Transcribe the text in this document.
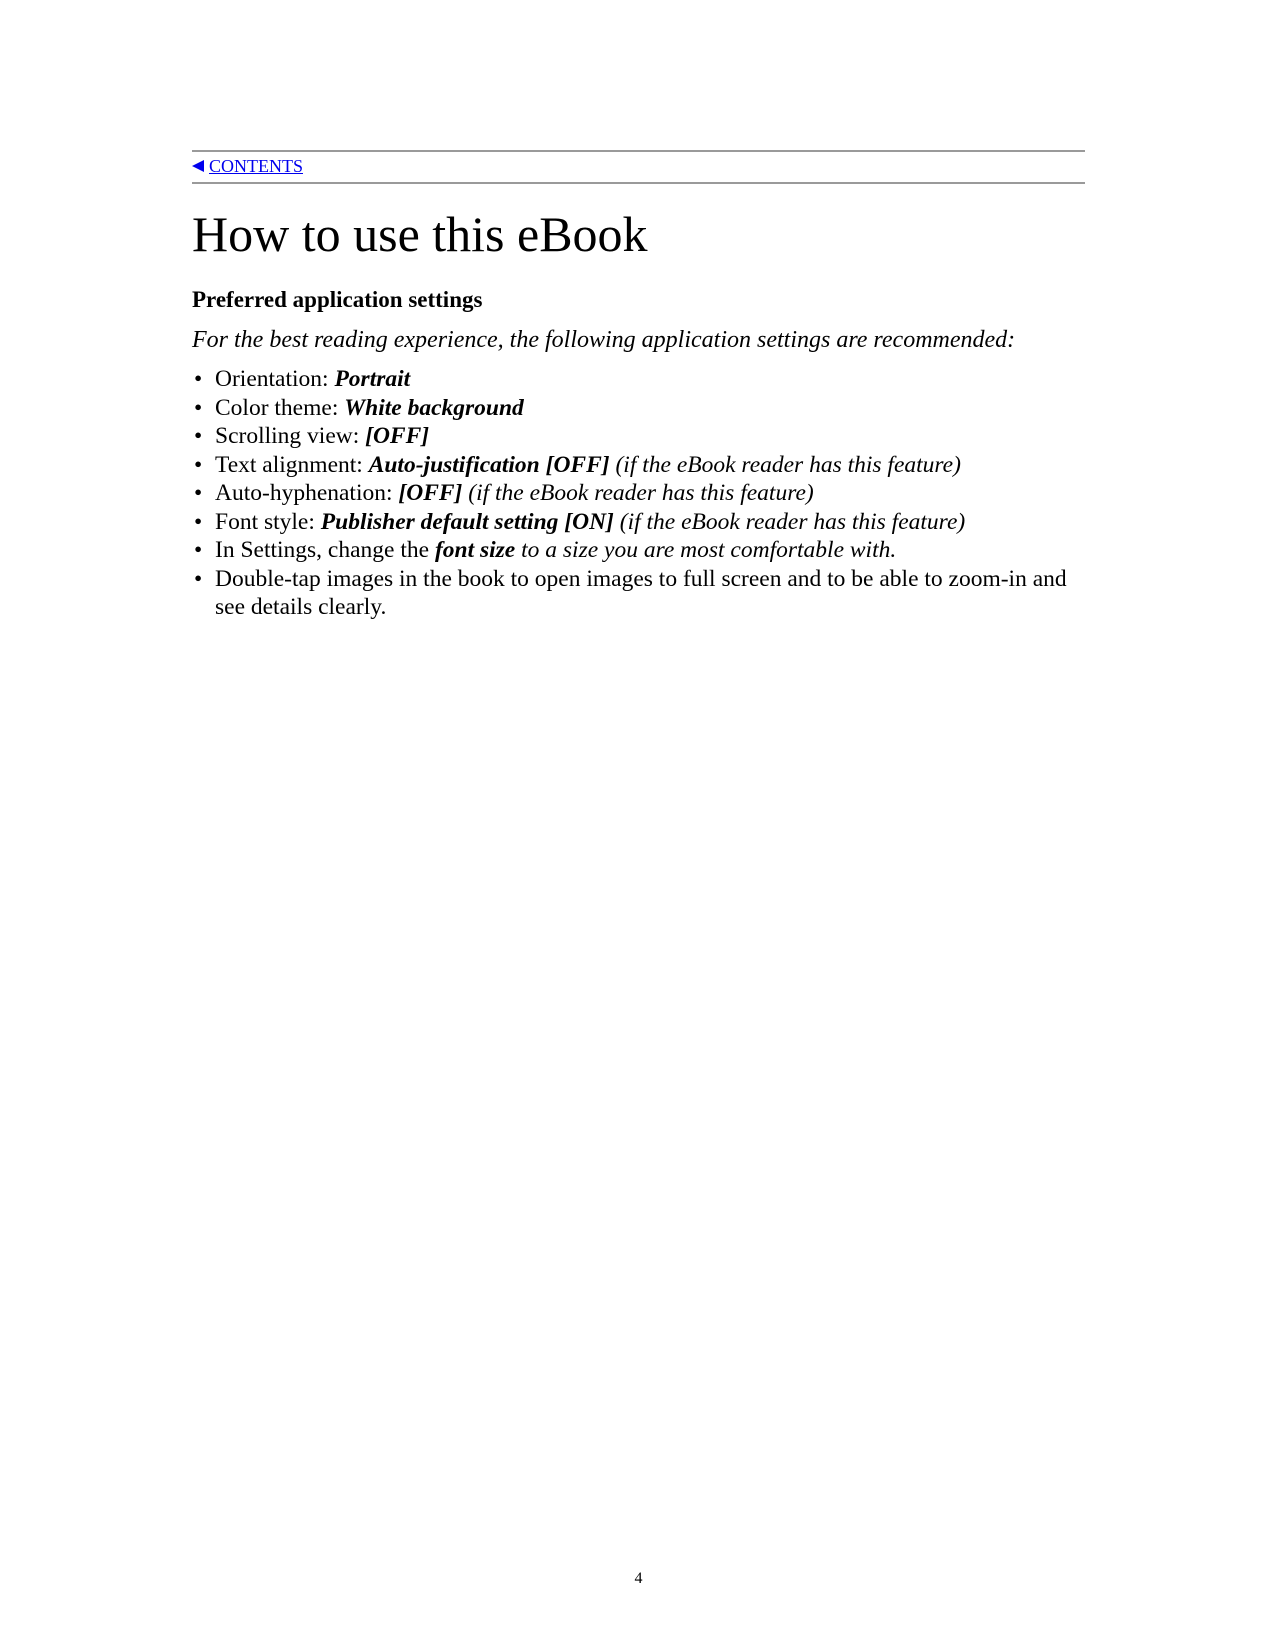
CONTENTS
How to use this eBook
Preferred application settings

For the best reading experience, the following application settings are recommended:

• Orientation: Portrait
• Color theme: White background
• Scrolling view: [OFF]
• Text alignment: Auto-justification [OFF] (if the eBook reader has this feature)
• Auto-hyphenation: [OFF] (if the eBook reader has this feature)
• Font style: Publisher default setting [ON] (if the eBook reader has this feature)
• In Settings, change the font size to a size you are most comfortable with.
• Double-tap images in the book to open images to full screen and to be able to zoom-in and see details clearly.
4
